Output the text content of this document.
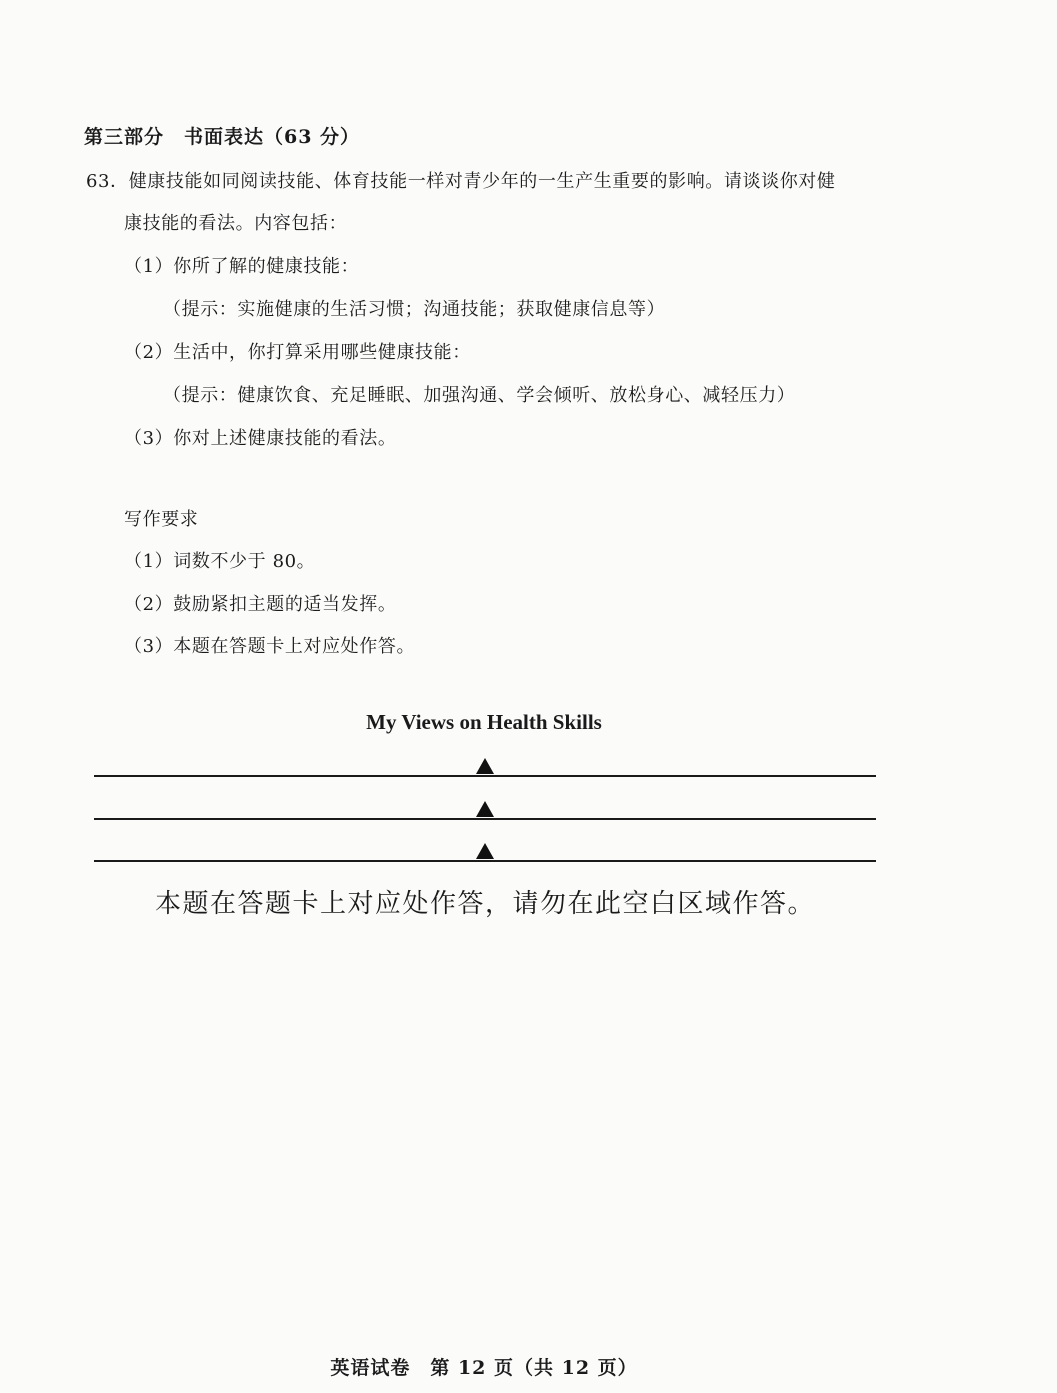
第三部分　书面表达（63 分）
63．健康技能如同阅读技能、体育技能一样对青少年的一生产生重要的影响。请谈谈你对健
康技能的看法。内容包括：
（1）你所了解的健康技能：
（提示：实施健康的生活习惯；沟通技能；获取健康信息等）
（2）生活中，你打算采用哪些健康技能：
（提示：健康饮食、充足睡眠、加强沟通、学会倾听、放松身心、减轻压力）
（3）你对上述健康技能的看法。
写作要求
（1）词数不少于 80。
（2）鼓励紧扣主题的适当发挥。
（3）本题在答题卡上对应处作答。
My Views on Health Skills
本题在答题卡上对应处作答，请勿在此空白区域作答。
英语试卷　第 12 页（共 12 页）
